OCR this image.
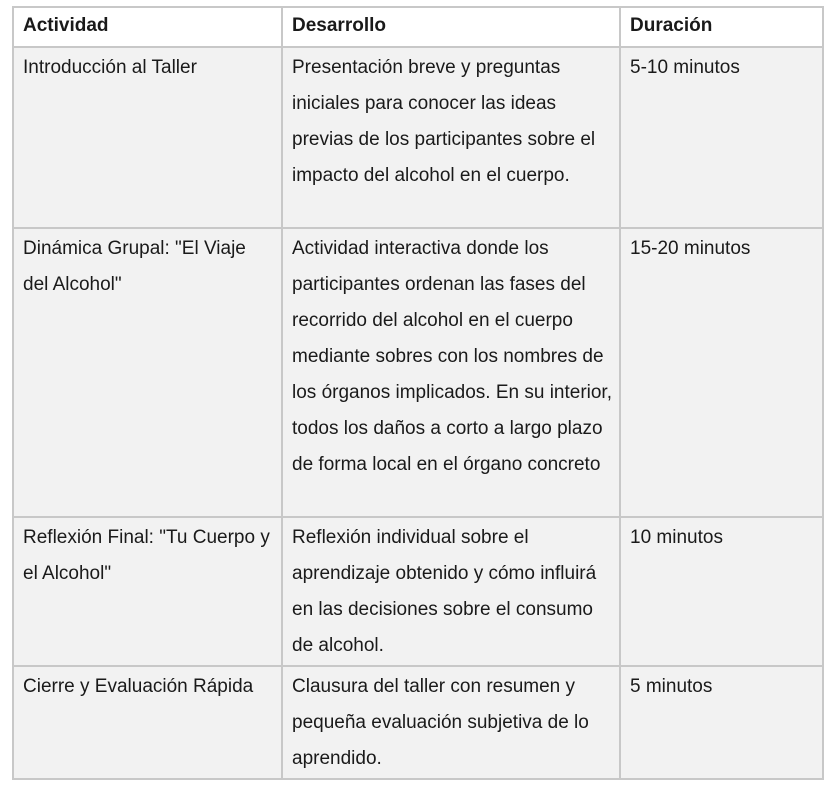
Actividad	Desarrollo	Duración
Introducción al Taller	Presentación breve y preguntas iniciales para conocer las ideas previas de los participantes sobre el impacto del alcohol en el cuerpo.	5-10 minutos
Dinámica Grupal: "El Viaje del Alcohol"	Actividad interactiva donde los participantes ordenan las fases del recorrido del alcohol en el cuerpo mediante sobres con los nombres de los órganos implicados. En su interior, todos los daños a corto a largo plazo de forma local en el órgano concreto	15-20 minutos
Reflexión Final: "Tu Cuerpo y el Alcohol"	Reflexión individual sobre el aprendizaje obtenido y cómo influirá en las decisiones sobre el consumo de alcohol.	10 minutos
Cierre y Evaluación Rápida	Clausura del taller con resumen y pequeña evaluación subjetiva de lo aprendido.	5 minutos
